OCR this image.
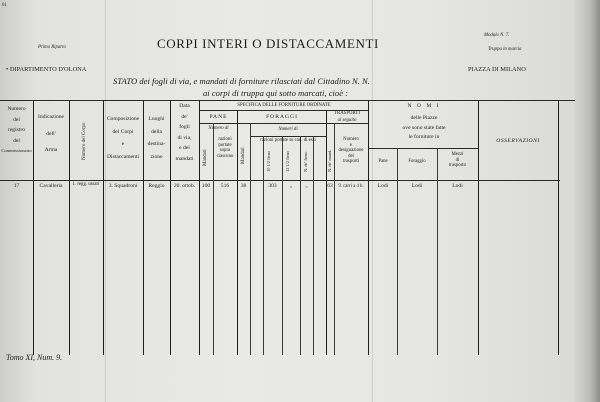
61
Primo Riparto
Modulo N. 7.
Truppa in marcia
CORPI INTERI O DISTACCAMENTI
• DIPARTIMENTO D'OLONA	PIAZZA DI MILANO
STATO dei fogli di via, e mandati di forniture rilasciati dal Cittadino N. N.
ai corpi di truppa qui sotto marcati, cioè :
Numero
del
registro
del
Commissionario
Indicazione
dell'
Arma	Numero del Corpo
Composizione
dei Corpi
e
Distaccamenti
Luoghi
della
destina-
zione
Data
de'
fogli
di via,
e dei
mandati
SPECIFICA DELLE FORNITURE ORDINATE
PANE	FORAGGI
TRASPORTI
al seguito
Numero di	Numeri di
Mandati
razioni
portate
sopra
ciascuno	Mandati
razioni portate su cad. di essi
10 1/2 fieno	12 1/2 fieno	N. de' fieno	N. de' mand.
Numero
e
designazione
dei
trasporti
N O M I
delle Piazze
ove sono state fatte
le forniture in
Pane	Foraggio
Mezzi
di
trasporto
OSSERVAZIONI
17	Cavalleria	1. regg. ussari	3. Squadroni	Reggio	20. ottob.	100	516	38	303	„	„	63	9. carri a 4 b.	Lodi	Lodi	Lodi
Tomo XI, Num. 9.
